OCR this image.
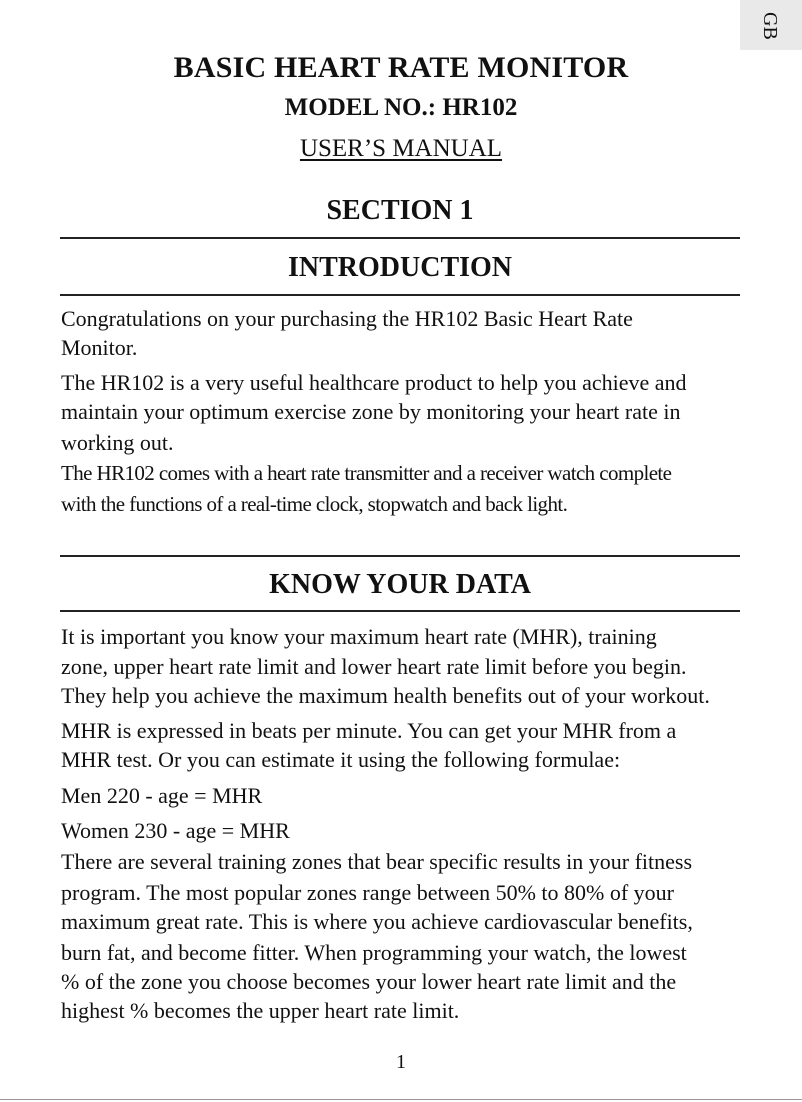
GB
BASIC HEART RATE MONITOR
MODEL NO.: HR102
USER’S MANUAL
SECTION 1
INTRODUCTION
Congratulations on your purchasing the HR102 Basic Heart Rate
Monitor.
The HR102 is a very useful healthcare product to help you achieve and
maintain your optimum exercise zone by monitoring your heart rate in
working out.
The HR102 comes with a heart rate transmitter and a receiver watch complete
with the functions of a real-time clock, stopwatch and back light.
KNOW YOUR DATA
It is important you know your maximum heart rate (MHR), training
zone, upper heart rate limit and lower heart rate limit before you begin.
They help you achieve the maximum health benefits out of your workout.
MHR is expressed in beats per minute. You can get your MHR from a
MHR test. Or you can estimate it using the following formulae:
Men 220 - age = MHR
Women 230 - age = MHR
There are several training zones that bear specific results in your fitness
program. The most popular zones range between 50% to 80% of your
maximum great rate. This is where you achieve cardiovascular benefits,
burn fat, and become fitter. When programming your watch, the lowest
% of the zone you choose becomes your lower heart rate limit and the
highest % becomes the upper heart rate limit.
1
